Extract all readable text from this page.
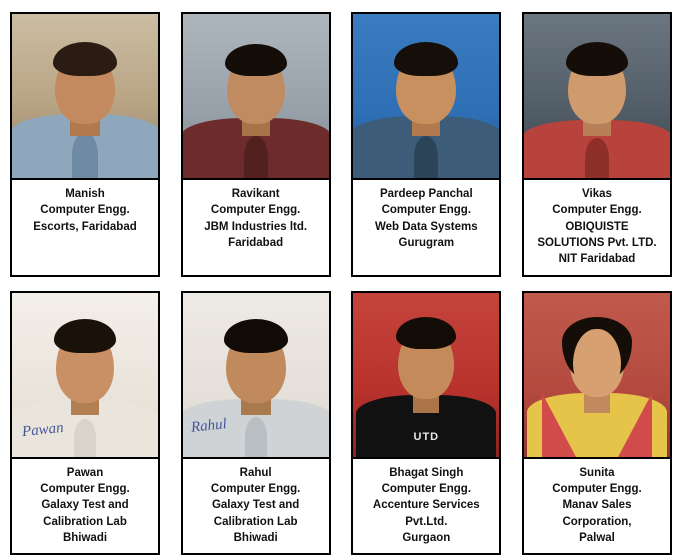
Manish
Computer Engg.
Escorts, Faridabad
Ravikant
Computer Engg.
JBM Industries ltd.
Faridabad
Pardeep Panchal
Computer Engg.
Web Data Systems
Gurugram
Vikas
Computer Engg.
OBIQUISTE
SOLUTIONS Pvt. LTD.
NIT Faridabad
Pawan
Pawan
Computer Engg.
Galaxy Test and
Calibration Lab
Bhiwadi
Rahul
Rahul
Computer Engg.
Galaxy Test and
Calibration Lab
Bhiwadi
UTD
Bhagat Singh
Computer Engg.
Accenture Services
Pvt.Ltd.
Gurgaon
Sunita
Computer Engg.
Manav Sales
Corporation,
Palwal
